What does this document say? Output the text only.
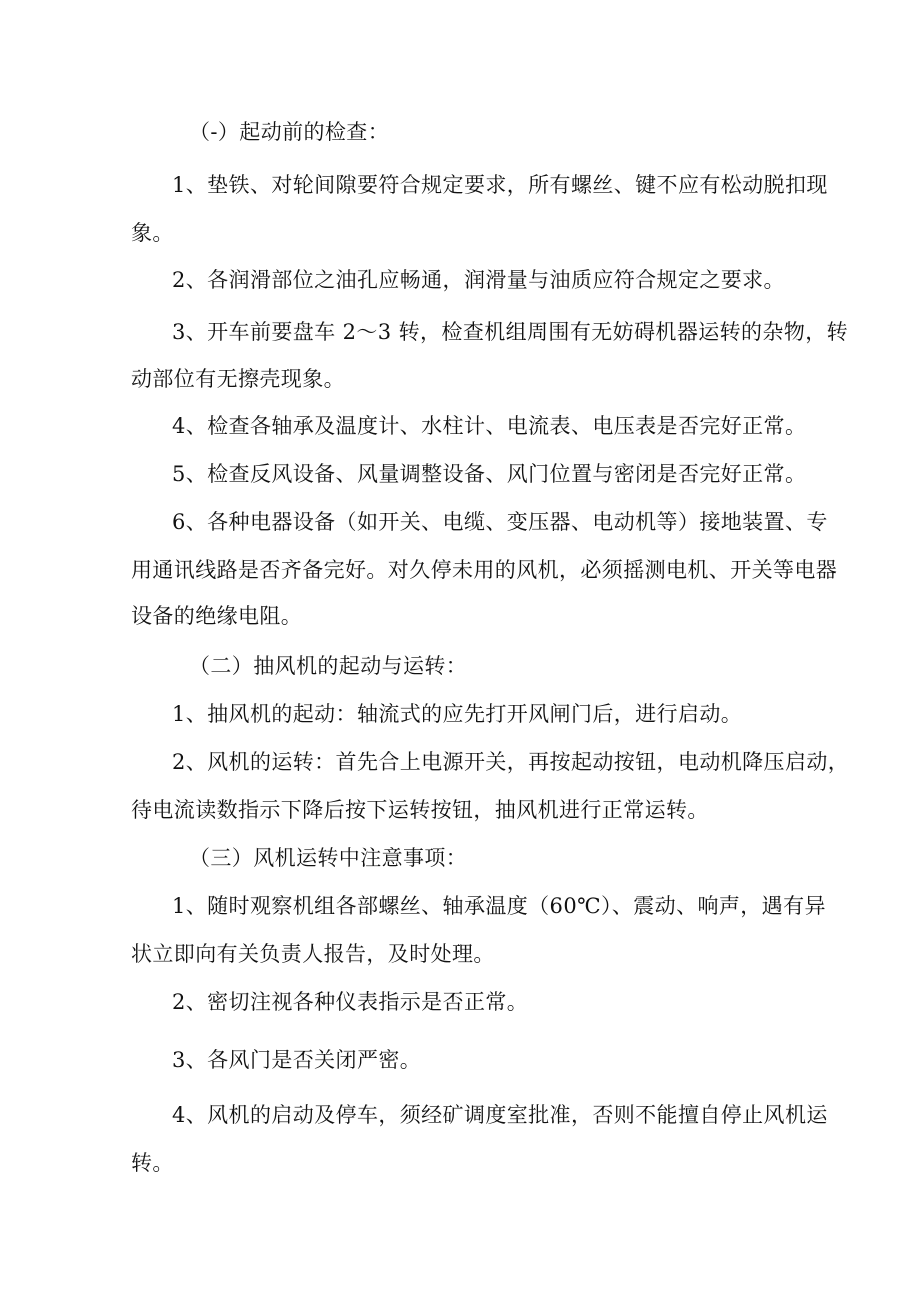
（-）起动前的检查：
1、垫铁、对轮间隙要符合规定要求，所有螺丝、键不应有松动脱扣现
象。
2、各润滑部位之油孔应畅通，润滑量与油质应符合规定之要求。
3、开车前要盘车 2～3 转，检查机组周围有无妨碍机器运转的杂物，转
动部位有无擦壳现象。
4、检查各轴承及温度计、水柱计、电流表、电压表是否完好正常。
5、检查反风设备、风量调整设备、风门位置与密闭是否完好正常。
6、各种电器设备（如开关、电缆、变压器、电动机等）接地装置、专
用通讯线路是否齐备完好。对久停未用的风机，必须摇测电机、开关等电器
设备的绝缘电阻。
（二）抽风机的起动与运转：
1、抽风机的起动：轴流式的应先打开风闸门后，进行启动。
2、风机的运转：首先合上电源开关，再按起动按钮，电动机降压启动，
待电流读数指示下降后按下运转按钮，抽风机进行正常运转。
（三）风机运转中注意事项：
1、随时观察机组各部螺丝、轴承温度（60℃）、震动、响声，遇有异
状立即向有关负责人报告，及时处理。
2、密切注视各种仪表指示是否正常。
3、各风门是否关闭严密。
4、风机的启动及停车，须经矿调度室批准，否则不能擅自停止风机运
转。
